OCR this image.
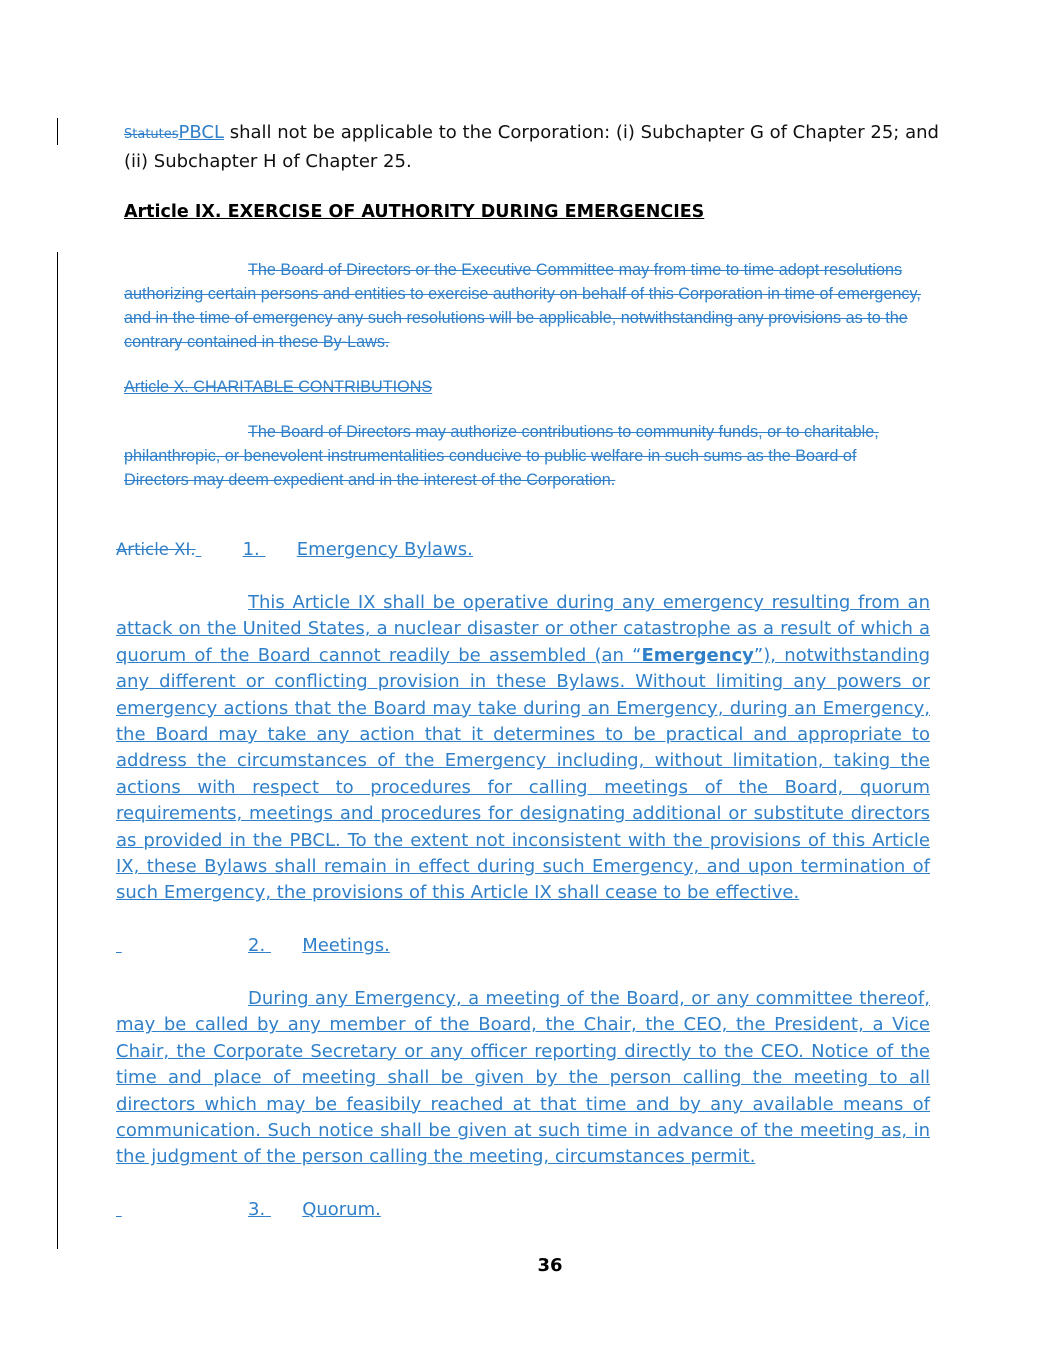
StatutesPBCL shall not be applicable to the Corporation: (i) Subchapter G of Chapter 25; and
(ii) Subchapter H of Chapter 25.

Article IX. EXERCISE OF AUTHORITY DURING EMERGENCIES

The Board of Directors or the Executive Committee may from time to time adopt resolutions authorizing certain persons and entities to exercise authority on behalf of this Corporation in time of emergency, and in the time of emergency any such resolutions will be applicable, notwithstanding any provisions as to the contrary contained in these By-Laws.

Article X. CHARITABLE CONTRIBUTIONS

The Board of Directors may authorize contributions to community funds, or to charitable, philanthropic, or benevolent instrumentalities conducive to public welfare in such sums as the Board of Directors may deem expedient and in the interest of the Corporation.

Article XI.	1. Emergency Bylaws.

This Article IX shall be operative during any emergency resulting from an attack on the United States, a nuclear disaster or other catastrophe as a result of which a quorum of the Board cannot readily be assembled (an “Emergency”), notwithstanding any different or conflicting provision in these Bylaws. Without limiting any powers or emergency actions that the Board may take during an Emergency, during an Emergency, the Board may take any action that it determines to be practical and appropriate to address the circumstances of the Emergency including, without limitation, taking the actions with respect to procedures for calling meetings of the Board, quorum requirements, meetings and procedures for designating additional or substitute directors as provided in the PBCL. To the extent not inconsistent with the provisions of this Article IX, these Bylaws shall remain in effect during such Emergency, and upon termination of such Emergency, the provisions of this Article IX shall cease to be effective.

2. Meetings.

During any Emergency, a meeting of the Board, or any committee thereof, may be called by any member of the Board, the Chair, the CEO, the President, a Vice Chair, the Corporate Secretary or any officer reporting directly to the CEO. Notice of the time and place of meeting shall be given by the person calling the meeting to all directors which may be feasibily reached at that time and by any available means of communication. Such notice shall be given at such time in advance of the meeting as, in the judgment of the person calling the meeting, circumstances permit.

3. Quorum.
36
